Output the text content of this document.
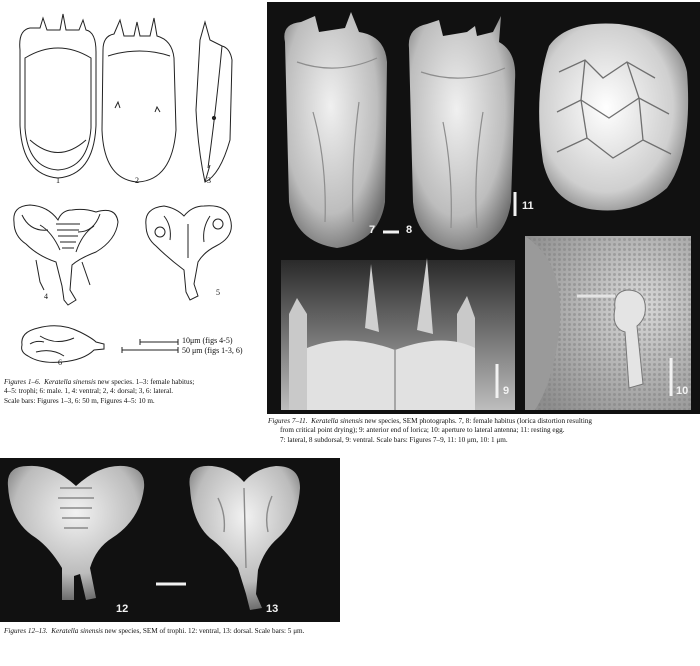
1	2	3
4	5
6
10μm (figs 4-5)
50 μm (figs 1-3, 6)
Figures 1–6. Keratella sinensis new species. 1–3: female habitus;
4–5: trophi; 6: male. 1, 4: ventral; 2, 4: dorsal; 3, 6: lateral.
Scale bars: Figures 1–3, 6: 50 m, Figures 4–5: 10 m.
7	8
11
9	10
Figures 7–11. Keratella sinensis new species, SEM photographs. 7, 8: female habitus (lorica distortion resulting
from critical point drying); 9: anterior end of lorica; 10: aperture to lateral antenna; 11: resting egg.
7: lateral, 8 subdorsal, 9: ventral. Scale bars: Figures 7–9, 11: 10 μm, 10: 1 μm.
12	13
Figures 12–13. Keratella sinensis new species, SEM of trophi. 12: ventral, 13: dorsal. Scale bars: 5 μm.
